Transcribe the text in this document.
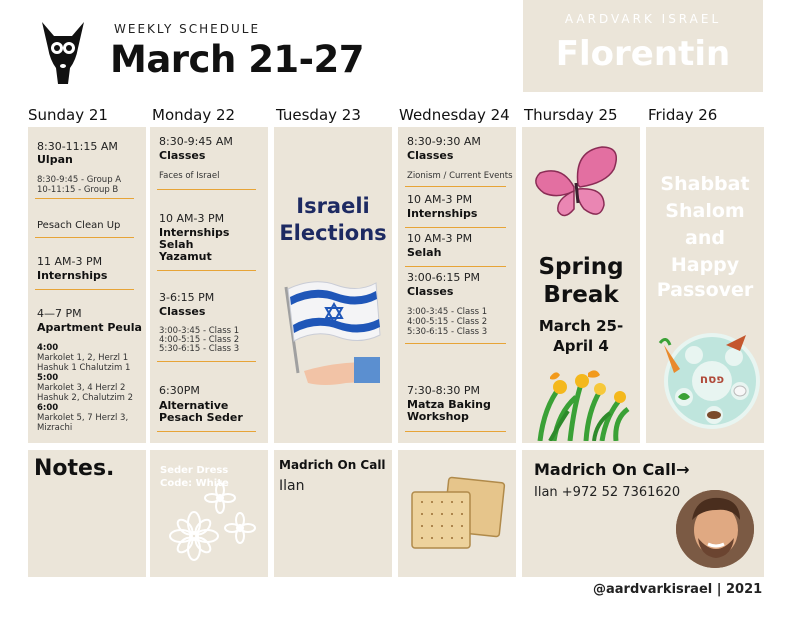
WEEKLY SCHEDULE
March 21-27
AARDVARK ISRAEL
Florentin
Sunday 21	Monday 22	Tuesday 23	Wednesday 24 Thursday 25 Friday 26
8:30-11:15 AM
Ulpan
8:30-9:45 - Group A
10-11:15 - Group B
Pesach Clean Up
11 AM-3 PM
Internships
4—7 PM
Apartment Peula
4:00
Markolet 1, 2, Herzl 1
Hashuk 1 Chalutzim 1
5:00
Markolet 3, 4 Herzl 2
Hashuk 2, Chalutzim 2
6:00
Markolet 5, 7 Herzl 3,
Mizrachi
8:30-9:45 AM
Classes
Faces of Israel
10 AM-3 PM
Internships
Selah
Yazamut
3-6:15 PM
Classes
3:00-3:45 - Class 1
4:00-5:15 - Class 2
5:30-6:15 - Class 3
6:30PM
Alternative
Pesach Seder
Israeli
Elections
8:30-9:30 AM
Classes
Zionism / Current Events
10 AM-3 PM
Internships
10 AM-3 PM
Selah
3:00-6:15 PM
Classes
3:00-3:45 - Class 1
4:00-5:15 - Class 2
5:30-6:15 - Class 3
7:30-8:30 PM
Matza Baking
Workshop
Spring
Break
March 25-
April 4
Shabbat
Shalom
and
Happy
Passover
פסח
Notes.	Seder Dress Code: White
Madrich On Call
Ilan
Madrich On Call→
Ilan +972 52 7361620
@aardvarkisrael | 2021
